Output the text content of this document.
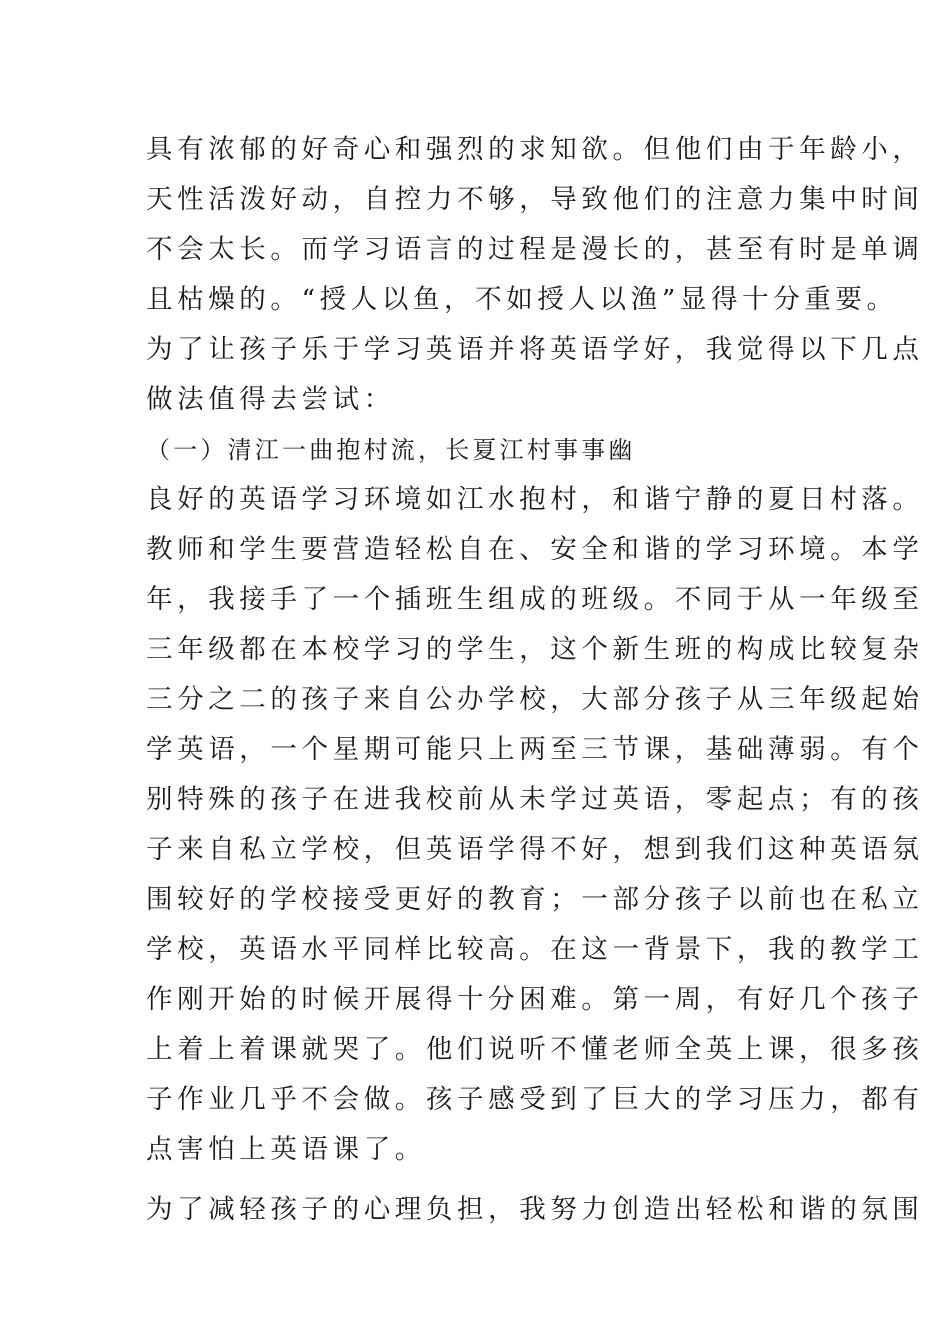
具有浓郁的好奇心和强烈的求知欲。但他们由于年龄小，
天性活泼好动，自控力不够，导致他们的注意力集中时间
不会太长。而学习语言的过程是漫长的，甚至有时是单调
且枯燥的。“授人以鱼，不如授人以渔”显得十分重要。
为了让孩子乐于学习英语并将英语学好，我觉得以下几点
做法值得去尝试：
（一）清江一曲抱村流，长夏江村事事幽
良好的英语学习环境如江水抱村，和谐宁静的夏日村落。
教师和学生要营造轻松自在、安全和谐的学习环境。本学
年，我接手了一个插班生组成的班级。不同于从一年级至
三年级都在本校学习的学生，这个新生班的构成比较复杂
三分之二的孩子来自公办学校，大部分孩子从三年级起始
学英语，一个星期可能只上两至三节课，基础薄弱。有个
别特殊的孩子在进我校前从未学过英语，零起点；有的孩
子来自私立学校，但英语学得不好，想到我们这种英语氛
围较好的学校接受更好的教育；一部分孩子以前也在私立
学校，英语水平同样比较高。在这一背景下，我的教学工
作刚开始的时候开展得十分困难。第一周，有好几个孩子
上着上着课就哭了。他们说听不懂老师全英上课，很多孩
子作业几乎不会做。孩子感受到了巨大的学习压力，都有
点害怕上英语课了。
为了减轻孩子的心理负担，我努力创造出轻松和谐的氛围
